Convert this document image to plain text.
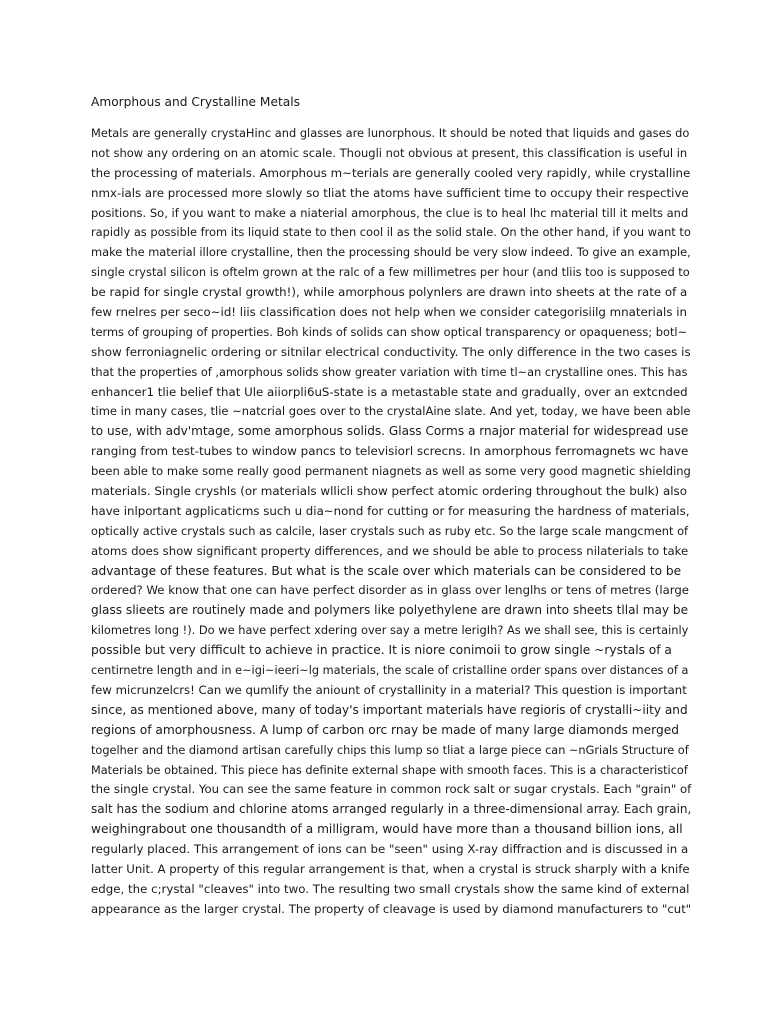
Amorphous and Crystalline Metals
Metals are generally crystaHinc and glasses are lunorphous. It should be noted that liquids and gases do
not show any ordering on an atomic scale. Thougli not obvious at present, this classification is useful in
the processing of materials. Amorphous m~terials are generally cooled very rapidly, while crystalline
nmx-ials are processed more slowly so tliat the atoms have sufficient time to occupy their respective
positions. So, if you want to make a niaterial amorphous, the clue is to heal lhc material till it melts and
rapidly as possible from its liquid state to then cool il as the solid stale. On the other hand, if you want to
make the material illore crystalline, then the processing should be very slow indeed. To give an example,
single crystal silicon is oftelm grown at the ralc of a few millimetres per hour (and tliis too is supposed to
be rapid for single crystal growth!), while amorphous polynlers are drawn into sheets at the rate of a
few rnelres per seco~id! liis classification does not help when we consider categorisiilg mnaterials in
terms of grouping of properties. Boh kinds of solids can show optical transparency or opaqueness; botl~
show ferroniagnelic ordering or sitnilar electrical conductivity. The only difference in the two cases is
that the properties of ,amorphous solids show greater variation with time tl~an crystalline ones. This has
enhancer1 tlie belief that Ule aiiorpli6uS-state is a metastable state and gradually, over an extcnded
time in many cases, tlie ~natcrial goes over to the crystalAine slate. And yet, today, we have been able
to use, with adv'mtage, some amorphous solids. Glass Corms a rnajor material for widespread use
ranging from test-tubes to window pancs to televisiorl screcns. In amorphous ferromagnets wc have
been able to make some really good permanent niagnets as well as some very good magnetic shielding
materials. Single cryshls (or materials wllicli show perfect atomic ordering throughout the bulk) also
have inlportant agplicaticms such u dia~nond for cutting or for measuring the hardness of materials,
optically active crystals such as calcile, laser crystals such as ruby etc. So the large scale mangcment of
atoms does show significant property differences, and we should be able to process nilaterials to take
advantage of these features. But what is the scale over which materials can be considered to be
ordered? We know that one can have perfect disorder as in glass over lenglhs or tens of metres (large
glass slieets are routinely made and polymers like polyethylene are drawn into sheets tllal may be
kilometres long !). Do we have perfect xdering over say a metre lerigIh? As we shall see, this is certainly
possible but very difficult to achieve in practice. It is niore conimoii to grow single ~rystals of a
centirnetre length and in e~igi~ieeri~lg materials, the scale of cristalline order spans over distances of a
few micrunzelcrs! Can we qumlify the aniount of crystallinity in a material? This question is important
since, as mentioned above, many of today's important materials have regioris of crystalli~iity and
regions of amorphousness. A lump of carbon orc rnay be made of many large diamonds merged
togelher and the diamond artisan carefully chips this lump so tliat a large piece can ~nGrials Structure of
Materials be obtained. This piece has definite external shape with smooth faces. This is a characteristicof
the single crystal. You can see the same feature in common rock salt or sugar crystals. Each "grain" of
salt has the sodium and chlorine atoms arranged regularly in a three-dimensional array. Each grain,
weighingrabout one thousandth of a milligram, would have more than a thousand billion ions, all
regularly placed. This arrangement of ions can be "seen" using X-ray diffraction and is discussed in a
latter Unit. A property of this regular arrangement is that, when a crystal is struck sharply with a knife
edge, the c;rystal "cleaves" into two. The resulting two small crystals show the same kind of external
appearance as the larger crystal. The property of cleavage is used by diamond manufacturers to "cut"
